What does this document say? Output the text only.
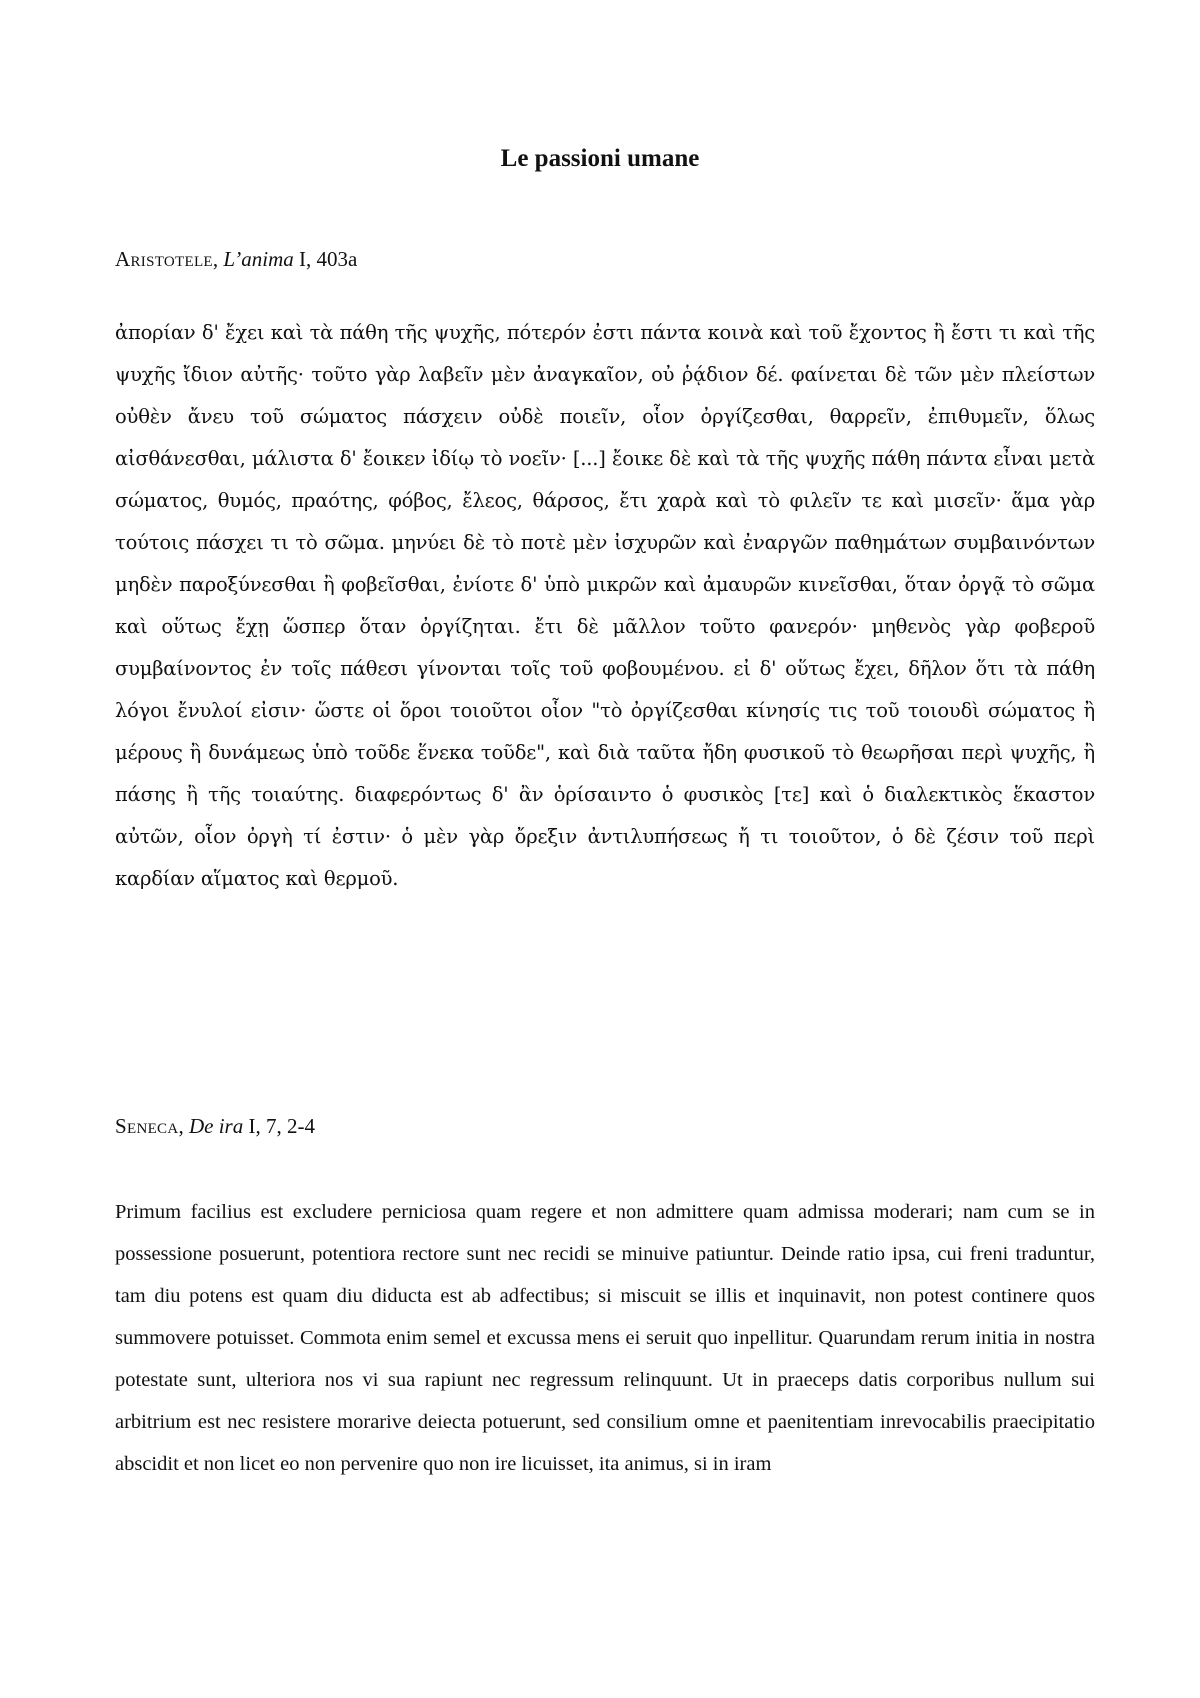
Le passioni umane

Aristotele, L’anima I, 403a

ἀπορίαν δ' ἔχει καὶ τὰ πάθη τῆς ψυχῆς, πότερόν ἐστι πάντα κοινὰ καὶ τοῦ ἔχοντος ἢ ἔστι τι καὶ τῆς ψυχῆς ἴδιον αὐτῆς· τοῦτο γὰρ λαβεῖν μὲν ἀναγκαῖον, οὐ ῥᾴδιον δέ. φαίνεται δὲ τῶν μὲν πλείστων οὐθὲν ἄνευ τοῦ σώματος πάσχειν οὐδὲ ποιεῖν, οἷον ὀργίζεσθαι, θαρρεῖν, ἐπιθυμεῖν, ὅλως αἰσθάνεσθαι, μάλιστα δ' ἔοικεν ἰδίῳ τὸ νοεῖν· [...] ἔοικε δὲ καὶ τὰ τῆς ψυχῆς πάθη πάντα εἶναι μετὰ σώματος, θυμός, πραότης, φόβος, ἔλεος, θάρσος, ἔτι χαρὰ καὶ τὸ φιλεῖν τε καὶ μισεῖν· ἅμα γὰρ τούτοις πάσχει τι τὸ σῶμα. μηνύει δὲ τὸ ποτὲ μὲν ἰσχυρῶν καὶ ἐναργῶν παθημάτων συμβαινόντων μηδὲν παροξύνεσθαι ἢ φοβεῖσθαι, ἐνίοτε δ' ὑπὸ μικρῶν καὶ ἀμαυρῶν κινεῖσθαι, ὅταν ὀργᾷ τὸ σῶμα καὶ οὕτως ἔχῃ ὥσπερ ὅταν ὀργίζηται. ἔτι δὲ μᾶλλον τοῦτο φανερόν· μηθενὸς γὰρ φοβεροῦ συμβαίνοντος ἐν τοῖς πάθεσι γίνονται τοῖς τοῦ φοβουμένου. εἰ δ' οὕτως ἔχει, δῆλον ὅτι τὰ πάθη λόγοι ἔνυλοί εἰσιν· ὥστε οἱ ὅροι τοιοῦτοι οἷον "τὸ ὀργίζεσθαι κίνησίς τις τοῦ τοιουδὶ σώματος ἢ μέρους ἢ δυνάμεως ὑπὸ τοῦδε ἕνεκα τοῦδε", καὶ διὰ ταῦτα ἤδη φυσικοῦ τὸ θεωρῆσαι περὶ ψυχῆς, ἢ πάσης ἢ τῆς τοιαύτης. διαφερόντως δ' ἂν ὁρίσαιντο ὁ φυσικὸς [τε] καὶ ὁ διαλεκτικὸς ἕκαστον αὐτῶν, οἷον ὀργὴ τί ἐστιν· ὁ μὲν γὰρ ὄρεξιν ἀντιλυπήσεως ἤ τι τοιοῦτον, ὁ δὲ ζέσιν τοῦ περὶ καρδίαν αἵματος καὶ θερμοῦ.

Seneca, De ira I, 7, 2-4

Primum facilius est excludere perniciosa quam regere et non admittere quam admissa moderari; nam cum se in possessione posuerunt, potentiora rectore sunt nec recidi se minuive patiuntur. Deinde ratio ipsa, cui freni traduntur, tam diu potens est quam diu diducta est ab adfectibus; si miscuit se illis et inquinavit, non potest continere quos summovere potuisset. Commota enim semel et excussa mens ei seruit quo inpellitur. Quarundam rerum initia in nostra potestate sunt, ulteriora nos vi sua rapiunt nec regressum relinquunt. Ut in praeceps datis corporibus nullum sui arbitrium est nec resistere morarive deiecta potuerunt, sed consilium omne et paenitentiam inrevocabilis praecipitatio abscidit et non licet eo non pervenire quo non ire licuisset, ita animus, si in iram
